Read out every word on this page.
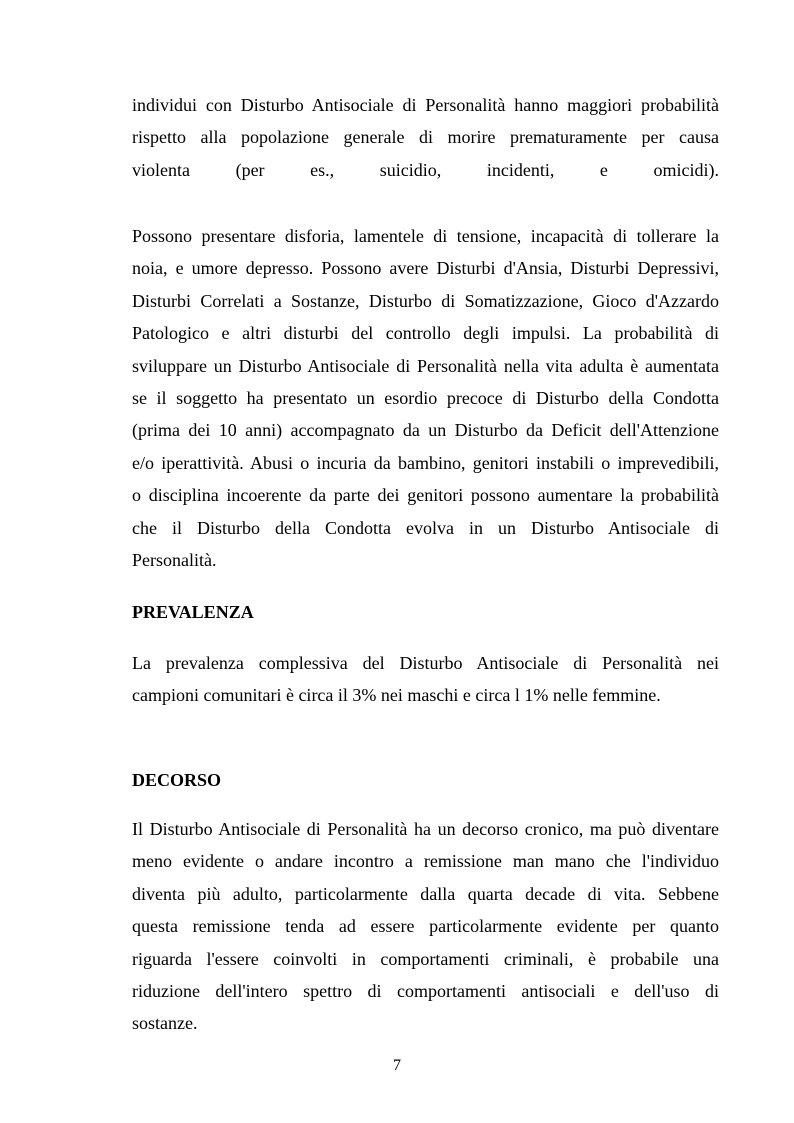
individui con Disturbo Antisociale di Personalità hanno maggiori probabilità
rispetto alla popolazione generale di morire prematuramente per causa
violenta (per es., suicidio, incidenti, e omicidi).
Possono presentare disforia, lamentele di tensione, incapacità di tollerare la
noia, e umore depresso. Possono avere Disturbi d'Ansia, Disturbi Depressivi,
Disturbi Correlati a Sostanze, Disturbo di Somatizzazione, Gioco d'Azzardo
Patologico e altri disturbi del controllo degli impulsi. La probabilità di
sviluppare un Disturbo Antisociale di Personalità nella vita adulta è aumentata
se il soggetto ha presentato un esordio precoce di Disturbo della Condotta
(prima dei 10 anni) accompagnato da un Disturbo da Deficit dell'Attenzione
e/o iperattività. Abusi o incuria da bambino, genitori instabili o imprevedibili,
o disciplina incoerente da parte dei genitori possono aumentare la probabilità
che il Disturbo della Condotta evolva in un Disturbo Antisociale di
Personalità.
PREVALENZA
La prevalenza complessiva del Disturbo Antisociale di Personalità nei
campioni comunitari è circa il 3% nei maschi e circa l 1% nelle femmine.
DECORSO
Il Disturbo Antisociale di Personalità ha un decorso cronico, ma può diventare
meno evidente o andare incontro a remissione man mano che l'individuo
diventa più adulto, particolarmente dalla quarta decade di vita. Sebbene
questa remissione tenda ad essere particolarmente evidente per quanto
riguarda l'essere coinvolti in comportamenti criminali, è probabile una
riduzione dell'intero spettro di comportamenti antisociali e dell'uso di
sostanze.
7
